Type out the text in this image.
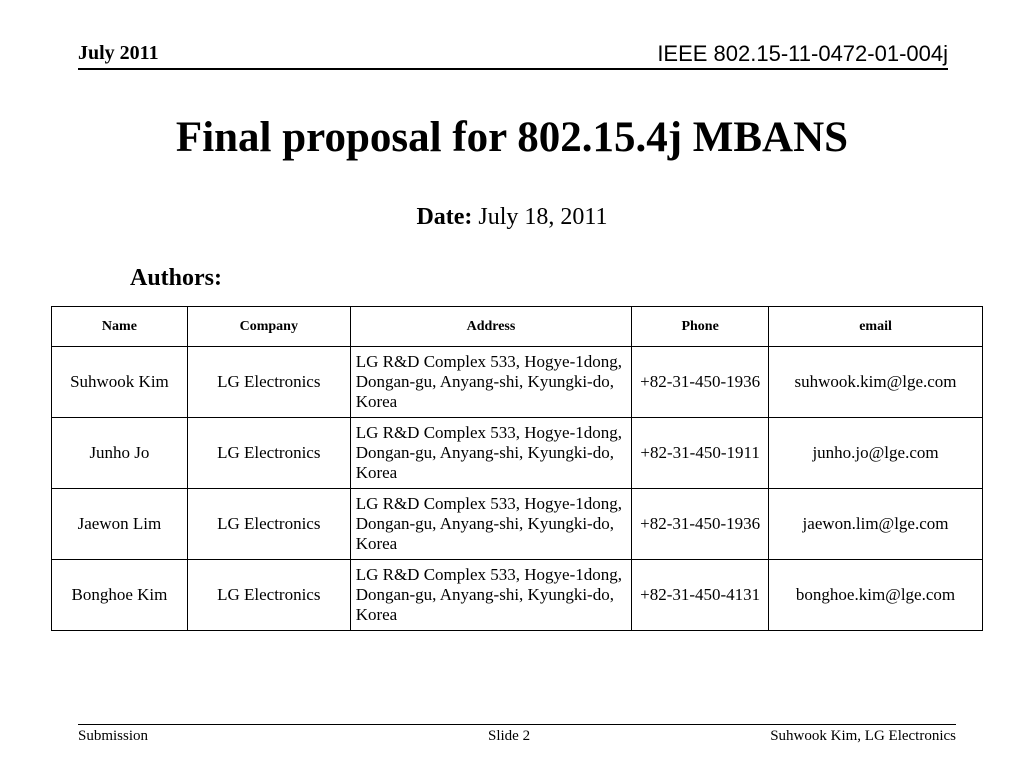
July 2011	IEEE 802.15-11-0472-01-004j
Final proposal for 802.15.4j MBANS
Date: July 18, 2011
Authors:
Name	Company	Address	Phone	email
Suhwook Kim	LG Electronics	LG R&D Complex 533, Hogye-1dong, Dongan-gu, Anyang-shi, Kyungki-do, Korea	+82-31-450-1936	suhwook.kim@lge.com
Junho Jo	LG Electronics	LG R&D Complex 533, Hogye-1dong, Dongan-gu, Anyang-shi, Kyungki-do, Korea	+82-31-450-1911	junho.jo@lge.com
Jaewon Lim	LG Electronics	LG R&D Complex 533, Hogye-1dong, Dongan-gu, Anyang-shi, Kyungki-do, Korea	+82-31-450-1936	jaewon.lim@lge.com
Bonghoe Kim	LG Electronics	LG R&D Complex 533, Hogye-1dong, Dongan-gu, Anyang-shi, Kyungki-do, Korea	+82-31-450-4131	bonghoe.kim@lge.com
Submission	Slide 2	Suhwook Kim, LG Electronics
